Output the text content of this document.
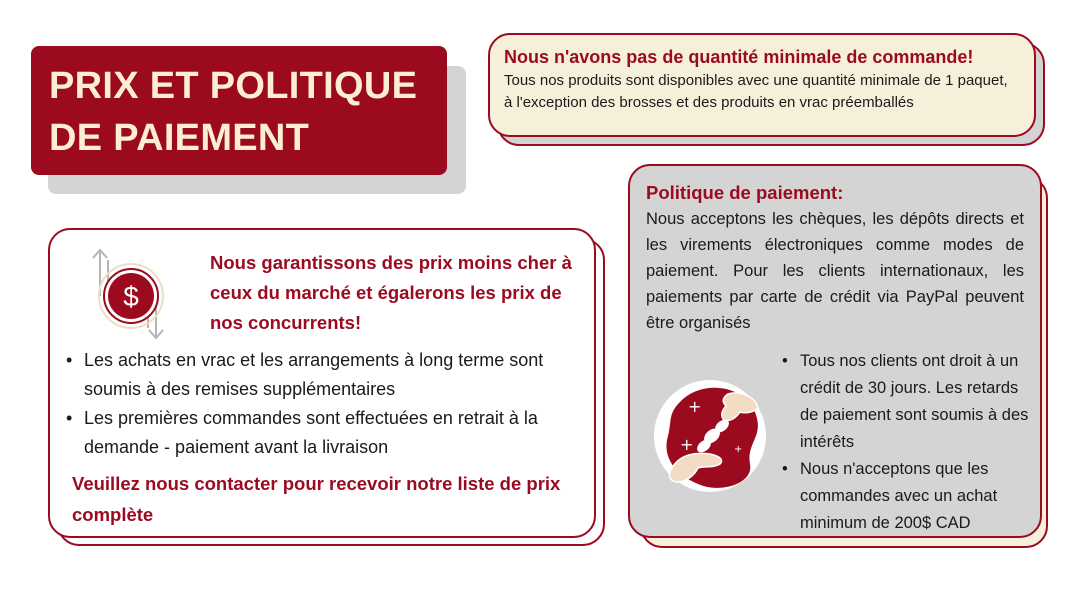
PRIX ET POLITIQUE
DE PAIEMENT
Nous n'avons pas de quantité minimale de commande!
Tous nos produits sont disponibles avec une quantité minimale de 1 paquet, à l'exception des brosses et des produits en vrac préemballés
$
Nous garantissons des prix moins cher à ceux du marché et égalerons les prix de nos concurrents!
• Les achats en vrac et les arrangements à long terme sont soumis à des remises supplémentaires
• Les premières commandes sont effectuées en retrait à la demande - paiement avant la livraison
Veuillez nous contacter pour recevoir notre liste de prix complète
Politique de paiement:
Nous acceptons les chèques, les dépôts directs et les virements électroniques comme modes de paiement. Pour les clients internationaux, les paiements par carte de crédit via PayPal peuvent être organisés
+
+	+
• Tous nos clients ont droit à un crédit de 30 jours. Les retards de paiement sont soumis à des intérêts
• Nous n'acceptons que les commandes avec un achat minimum de 200$ CAD
